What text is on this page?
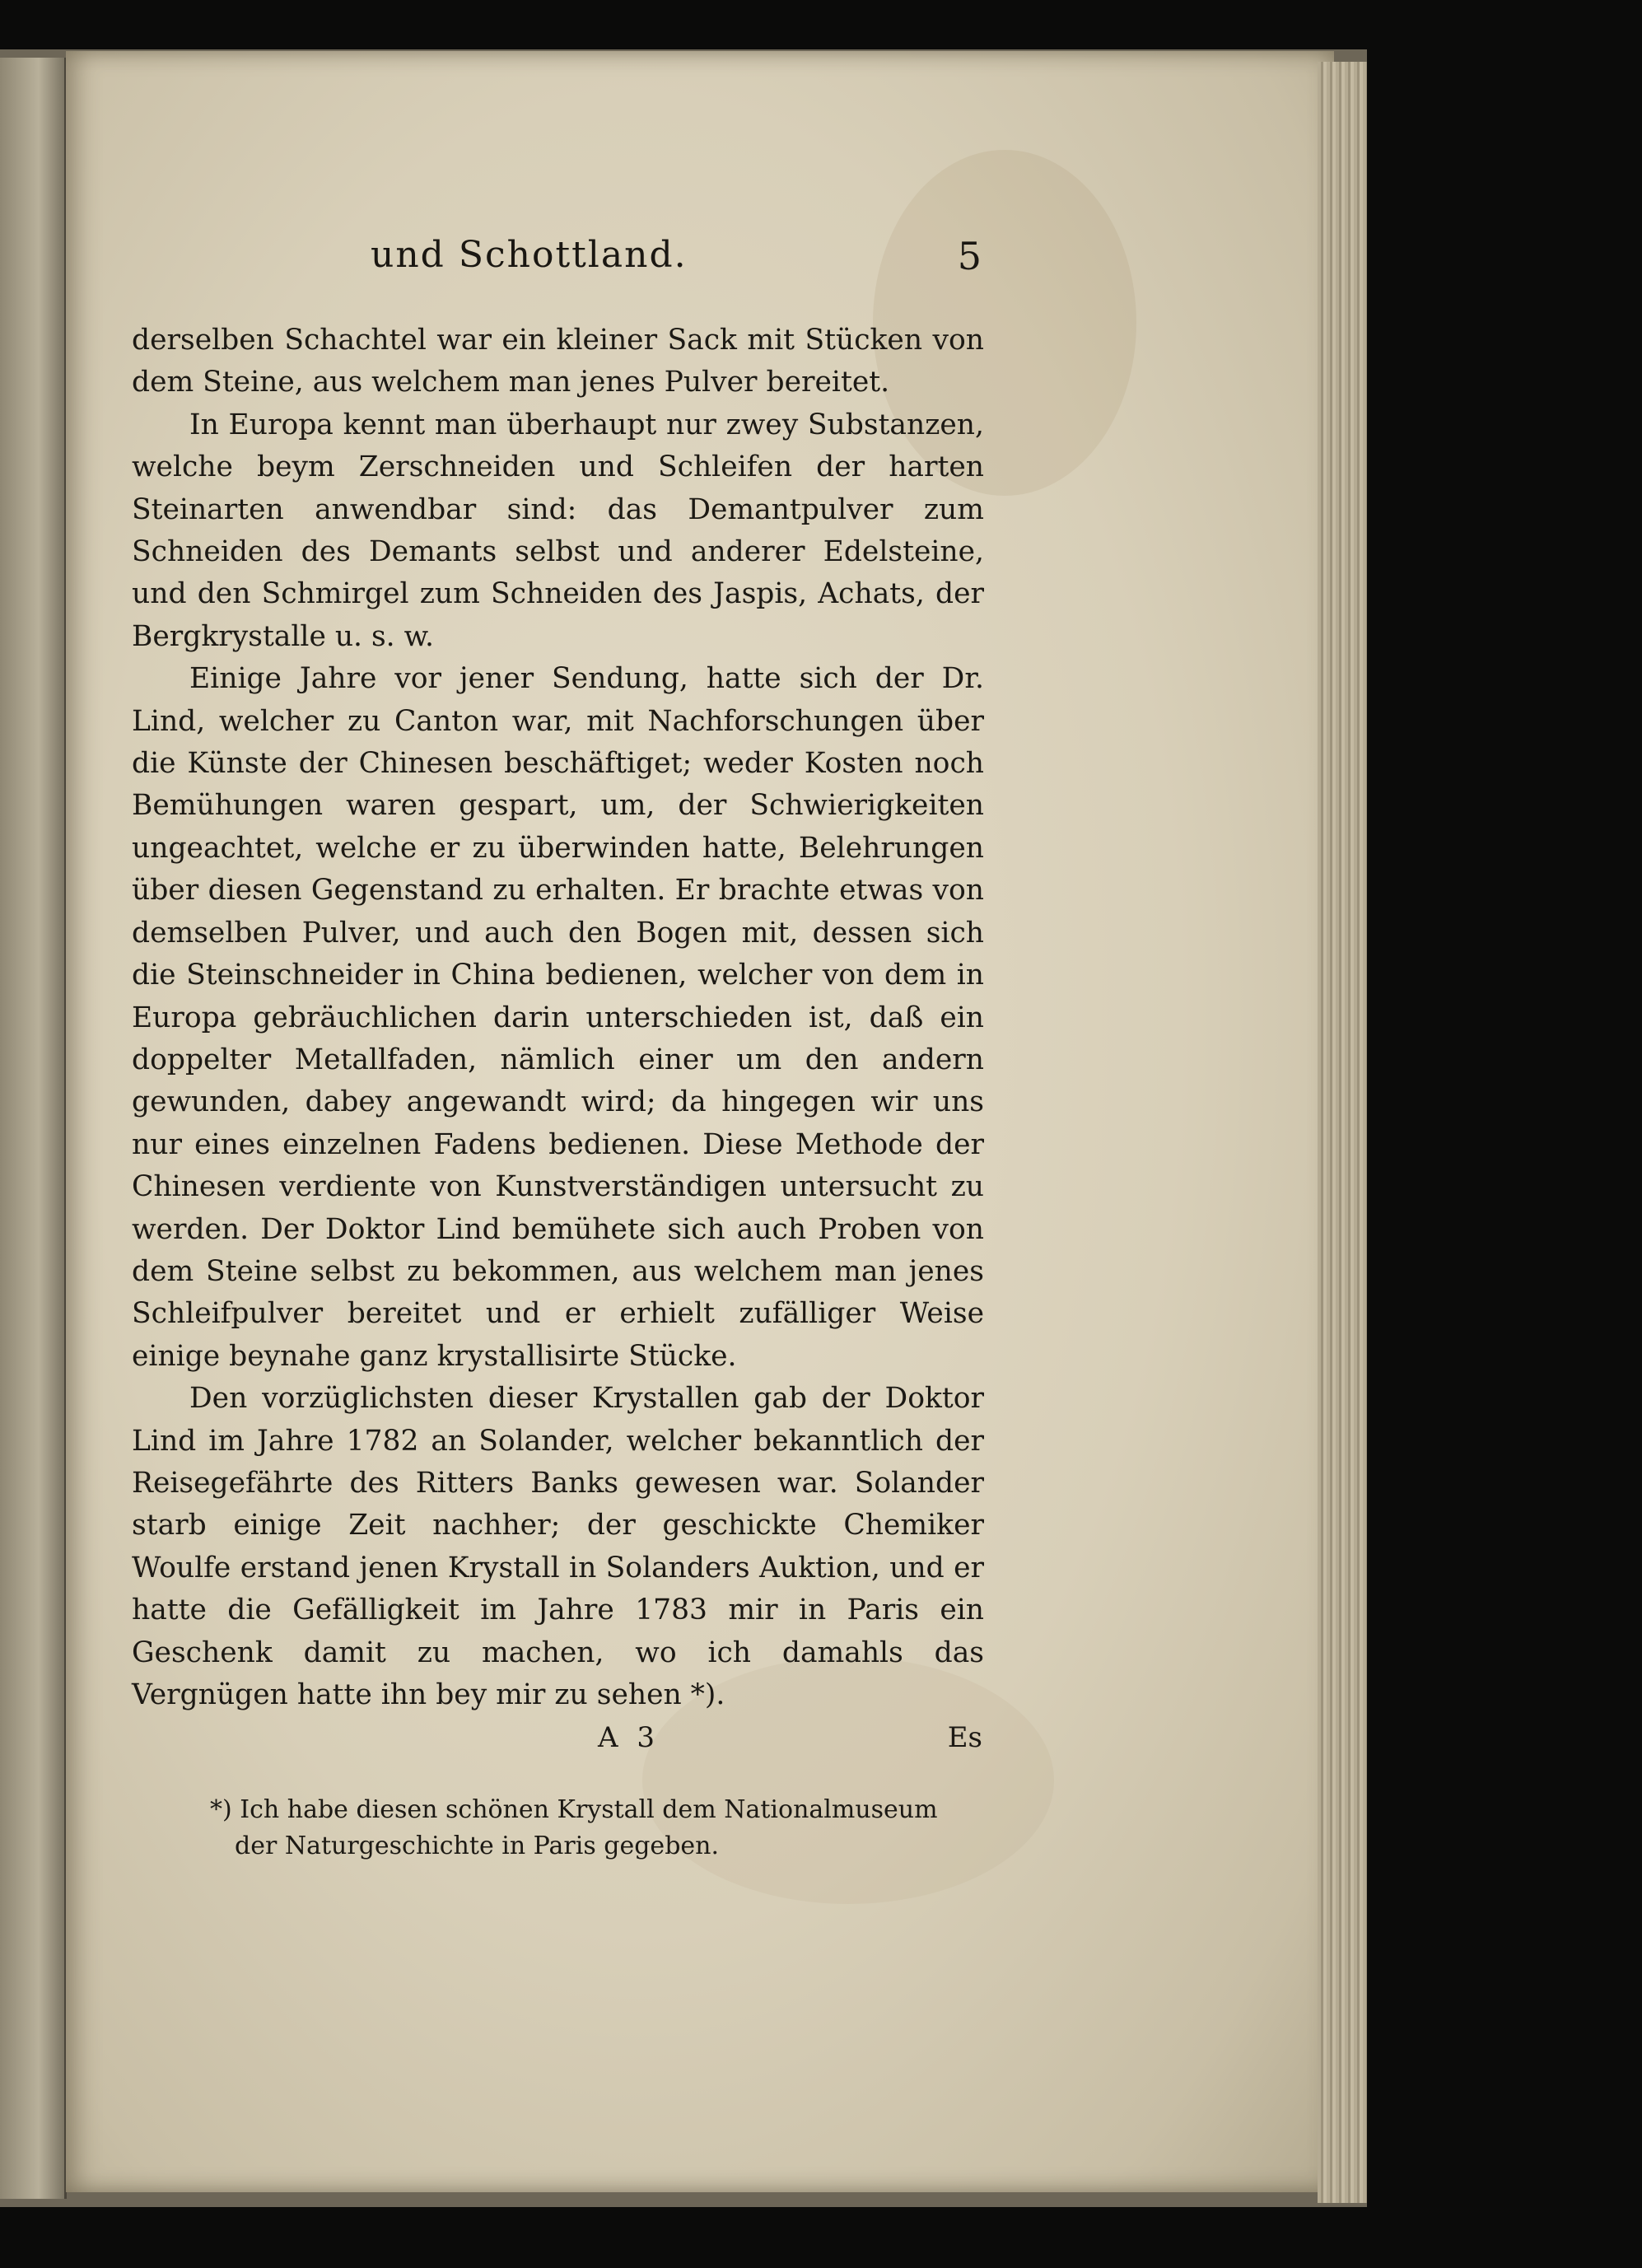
und Schottland.	5

derselben Schachtel war ein kleiner Sack mit Stücken von dem Steine, aus welchem man jenes Pulver bereitet.

In Europa kennt man überhaupt nur zwey Substanzen, welche beym Zerschneiden und Schleifen der harten Steinarten anwendbar sind: das Demantpulver zum Schneiden des Demants selbst und anderer Edelsteine, und den Schmirgel zum Schneiden des Jaspis, Achats, der Bergkrystalle u. s. w.

Einige Jahre vor jener Sendung, hatte sich der Dr. Lind, welcher zu Canton war, mit Nachforschungen über die Künste der Chinesen beschäftiget; weder Kosten noch Bemühungen waren gespart, um, der Schwierigkeiten ungeachtet, welche er zu überwinden hatte, Belehrungen über diesen Gegenstand zu erhalten. Er brachte etwas von demselben Pulver, und auch den Bogen mit, dessen sich die Steinschneider in China bedienen, welcher von dem in Europa gebräuchlichen darin unterschieden ist, daß ein doppelter Metallfaden, nämlich einer um den andern gewunden, dabey angewandt wird; da hingegen wir uns nur eines einzelnen Fadens bedienen. Diese Methode der Chinesen verdiente von Kunstverständigen untersucht zu werden. Der Doktor Lind bemühete sich auch Proben von dem Steine selbst zu bekommen, aus welchem man jenes Schleifpulver bereitet und er erhielt zufälliger Weise einige beynahe ganz krystallisirte Stücke.

Den vorzüglichsten dieser Krystallen gab der Doktor Lind im Jahre 1782 an Solander, welcher bekanntlich der Reisegefährte des Ritters Banks gewesen war. Solander starb einige Zeit nachher; der geschickte Chemiker Woulfe erstand jenen Krystall in Solanders Auktion, und er hatte die Gefälligkeit im Jahre 1783 mir in Paris ein Geschenk damit zu machen, wo ich damahls das Vergnügen hatte ihn bey mir zu sehen *).

A 3	Es

*) Ich habe diesen schönen Krystall dem Nationalmuseum der Naturgeschichte in Paris gegeben.
